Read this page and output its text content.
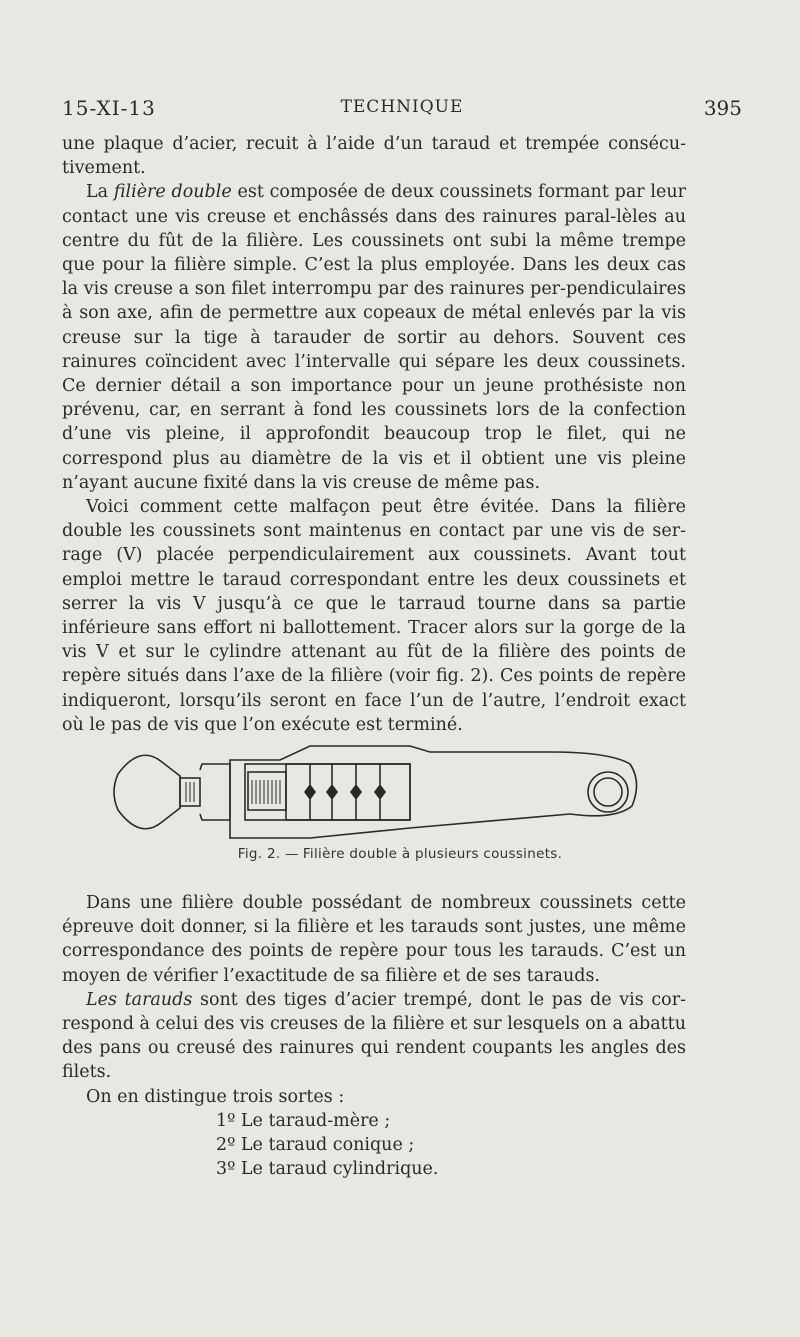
15-XI-13	TECHNIQUE	395

une plaque d’acier, recuit à l’aide d’un taraud et trempée consécu-tivement.

La filière double est composée de deux coussinets formant par leur contact une vis creuse et enchâssés dans des rainures paral-lèles au centre du fût de la filière. Les coussinets ont subi la même trempe que pour la filière simple. C’est la plus employée. Dans les deux cas la vis creuse a son filet interrompu par des rainures per-pendiculaires à son axe, afin de permettre aux copeaux de métal enlevés par la vis creuse sur la tige à tarauder de sortir au dehors. Souvent ces rainures coïncident avec l’intervalle qui sépare les deux coussinets. Ce dernier détail a son importance pour un jeune prothésiste non prévenu, car, en serrant à fond les coussinets lors de la confection d’une vis pleine, il approfondit beaucoup trop le filet, qui ne correspond plus au diamètre de la vis et il obtient une vis pleine n’ayant aucune fixité dans la vis creuse de même pas.

Voici comment cette malfaçon peut être évitée. Dans la filière double les coussinets sont maintenus en contact par une vis de ser-rage (V) placée perpendiculairement aux coussinets. Avant tout emploi mettre le taraud correspondant entre les deux coussinets et serrer la vis V jusqu’à ce que le tarraud tourne dans sa partie inférieure sans effort ni ballottement. Tracer alors sur la gorge de la vis V et sur le cylindre attenant au fût de la filière des points de repère situés dans l’axe de la filière (voir fig. 2). Ces points de repère indiqueront, lorsqu’ils seront en face l’un de l’autre, l’endroit exact où le pas de vis que l’on exécute est terminé.

Fig. 2. — Filière double à plusieurs coussinets.

Dans une filière double possédant de nombreux coussinets cette épreuve doit donner, si la filière et les tarauds sont justes, une même correspondance des points de repère pour tous les tarauds. C’est un moyen de vérifier l’exactitude de sa filière et de ses tarauds.

Les tarauds sont des tiges d’acier trempé, dont le pas de vis cor-respond à celui des vis creuses de la filière et sur lesquels on a abattu des pans ou creusé des rainures qui rendent coupants les angles des filets.

On en distingue trois sortes :

1º Le taraud-mère ;

2º Le taraud conique ;

3º Le taraud cylindrique.
